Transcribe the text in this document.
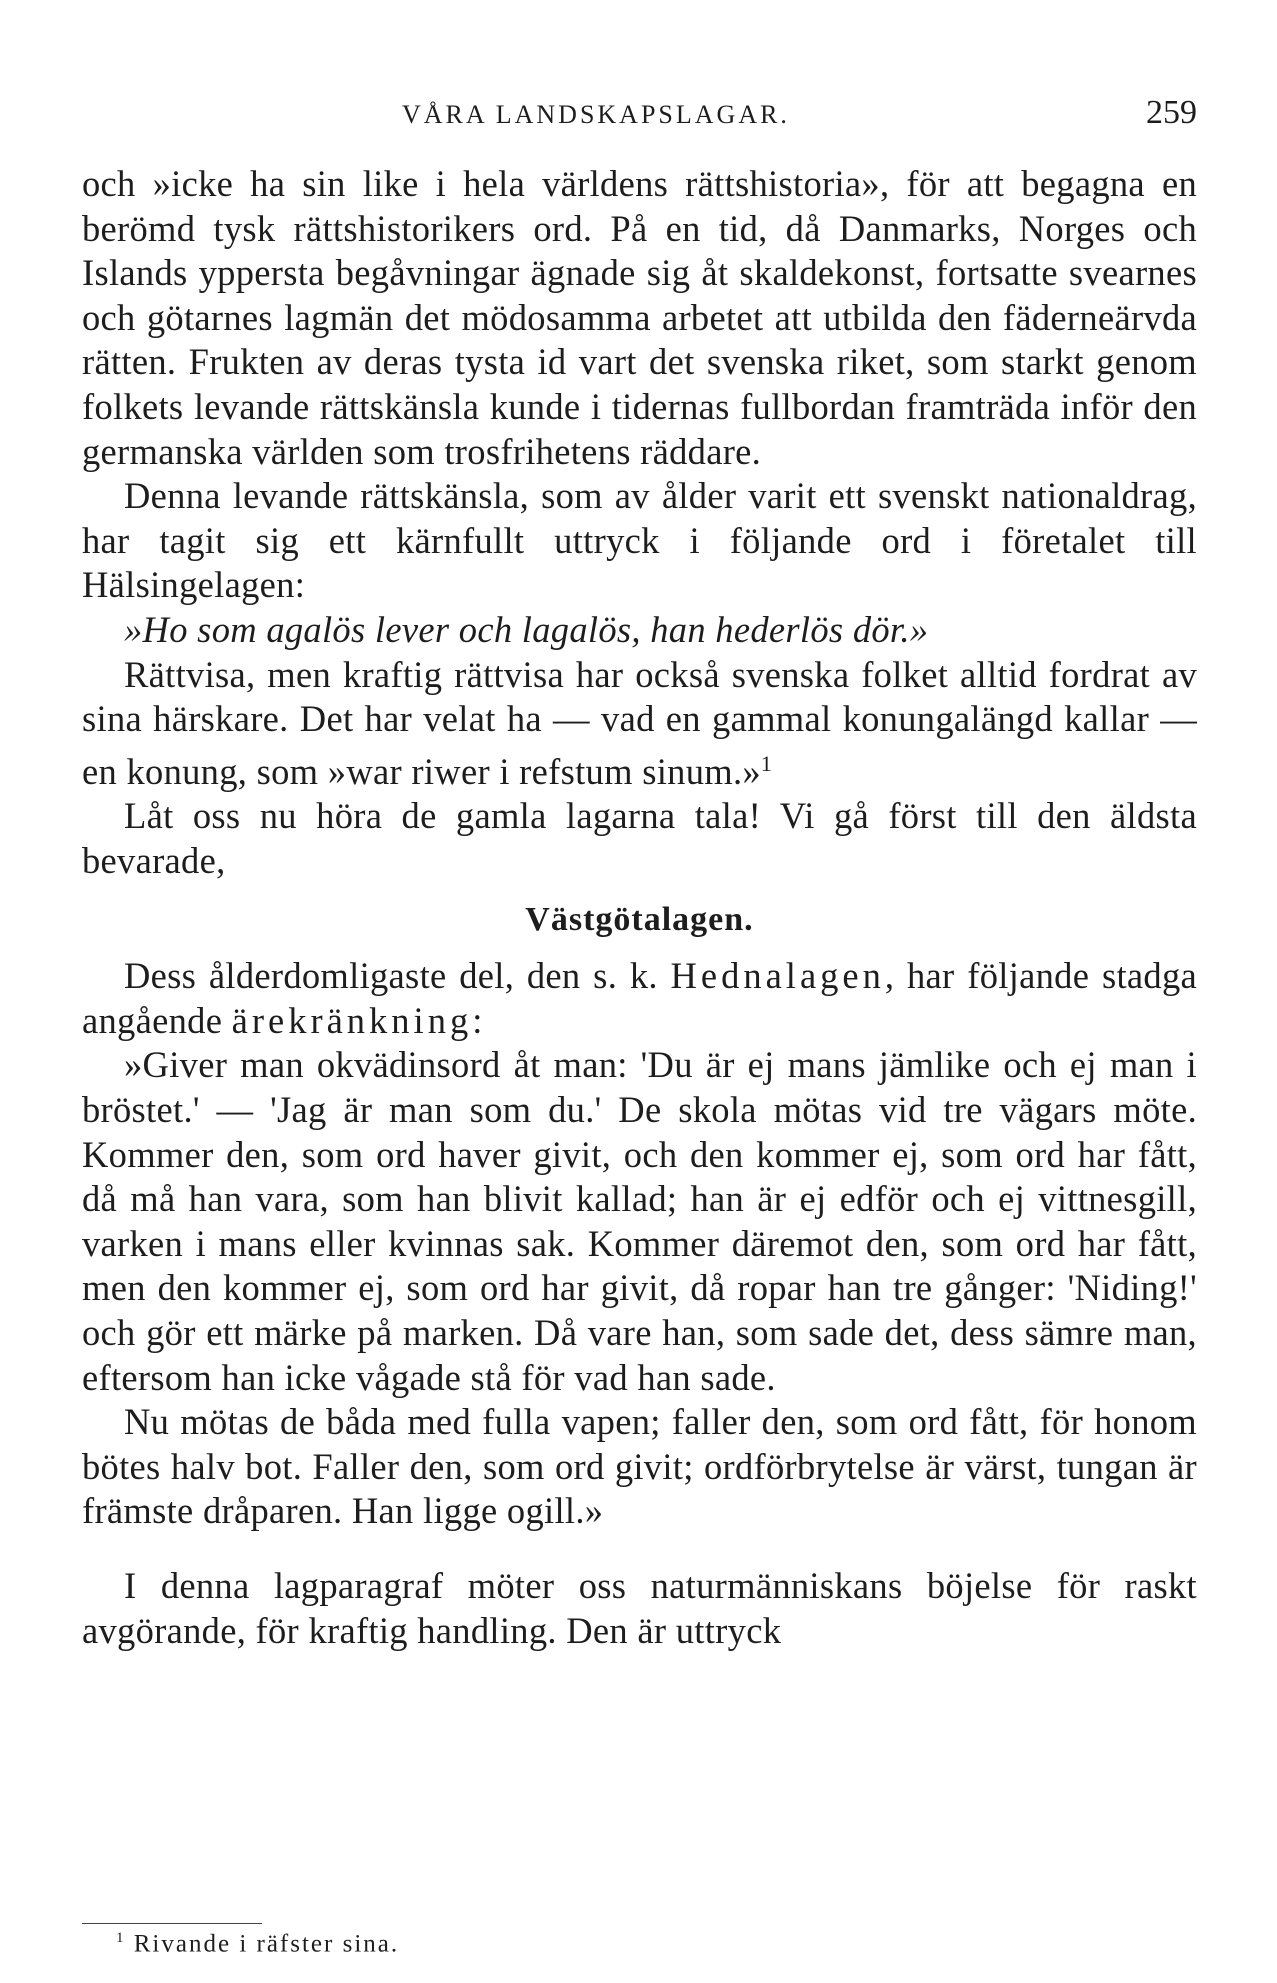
VÅRA LANDSKAPSLAGAR.	259

och »icke ha sin like i hela världens rättshistoria», för att begagna en berömd tysk rättshistorikers ord. På en tid, då Danmarks, Norges och Islands yppersta begåvningar ägnade sig åt skaldekonst, fortsatte svearnes och götarnes lagmän det mödosamma arbetet att utbilda den fäderneärvda rätten. Frukten av deras tysta id vart det svenska riket, som starkt genom folkets levande rättskänsla kunde i tidernas fullbordan framträda inför den germanska världen som trosfrihetens räddare.

Denna levande rättskänsla, som av ålder varit ett svenskt nationaldrag, har tagit sig ett kärnfullt uttryck i följande ord i företalet till Hälsingelagen:

»Ho som agalös lever och lagalös, han hederlös dör.»

Rättvisa, men kraftig rättvisa har också svenska folket alltid fordrat av sina härskare. Det har velat ha — vad en gammal konungalängd kallar — en konung, som »war riwer i refstum sinum.»$^1$

Låt oss nu höra de gamla lagarna tala! Vi gå först till den äldsta bevarade,

Västgötalagen.

Dess ålderdomligaste del, den s. k. Hednalagen, har följande stadga angående ärekränkning:

»Giver man okvädinsord åt man: 'Du är ej mans jämlike och ej man i bröstet.' — 'Jag är man som du.' De skola mötas vid tre vägars möte. Kommer den, som ord haver givit, och den kommer ej, som ord har fått, då må han vara, som han blivit kallad; han är ej edför och ej vittnesgill, varken i mans eller kvinnas sak. Kommer däremot den, som ord har fått, men den kommer ej, som ord har givit, då ropar han tre gånger: 'Niding!' och gör ett märke på marken. Då vare han, som sade det, dess sämre man, eftersom han icke vågade stå för vad han sade.

Nu mötas de båda med fulla vapen; faller den, som ord fått, för honom bötes halv bot. Faller den, som ord givit; ordförbrytelse är värst, tungan är främste dråparen. Han ligge ogill.»

I denna lagparagraf möter oss naturmänniskans böjelse för raskt avgörande, för kraftig handling. Den är uttryck

$^1$ Rivande i räfster sina.
